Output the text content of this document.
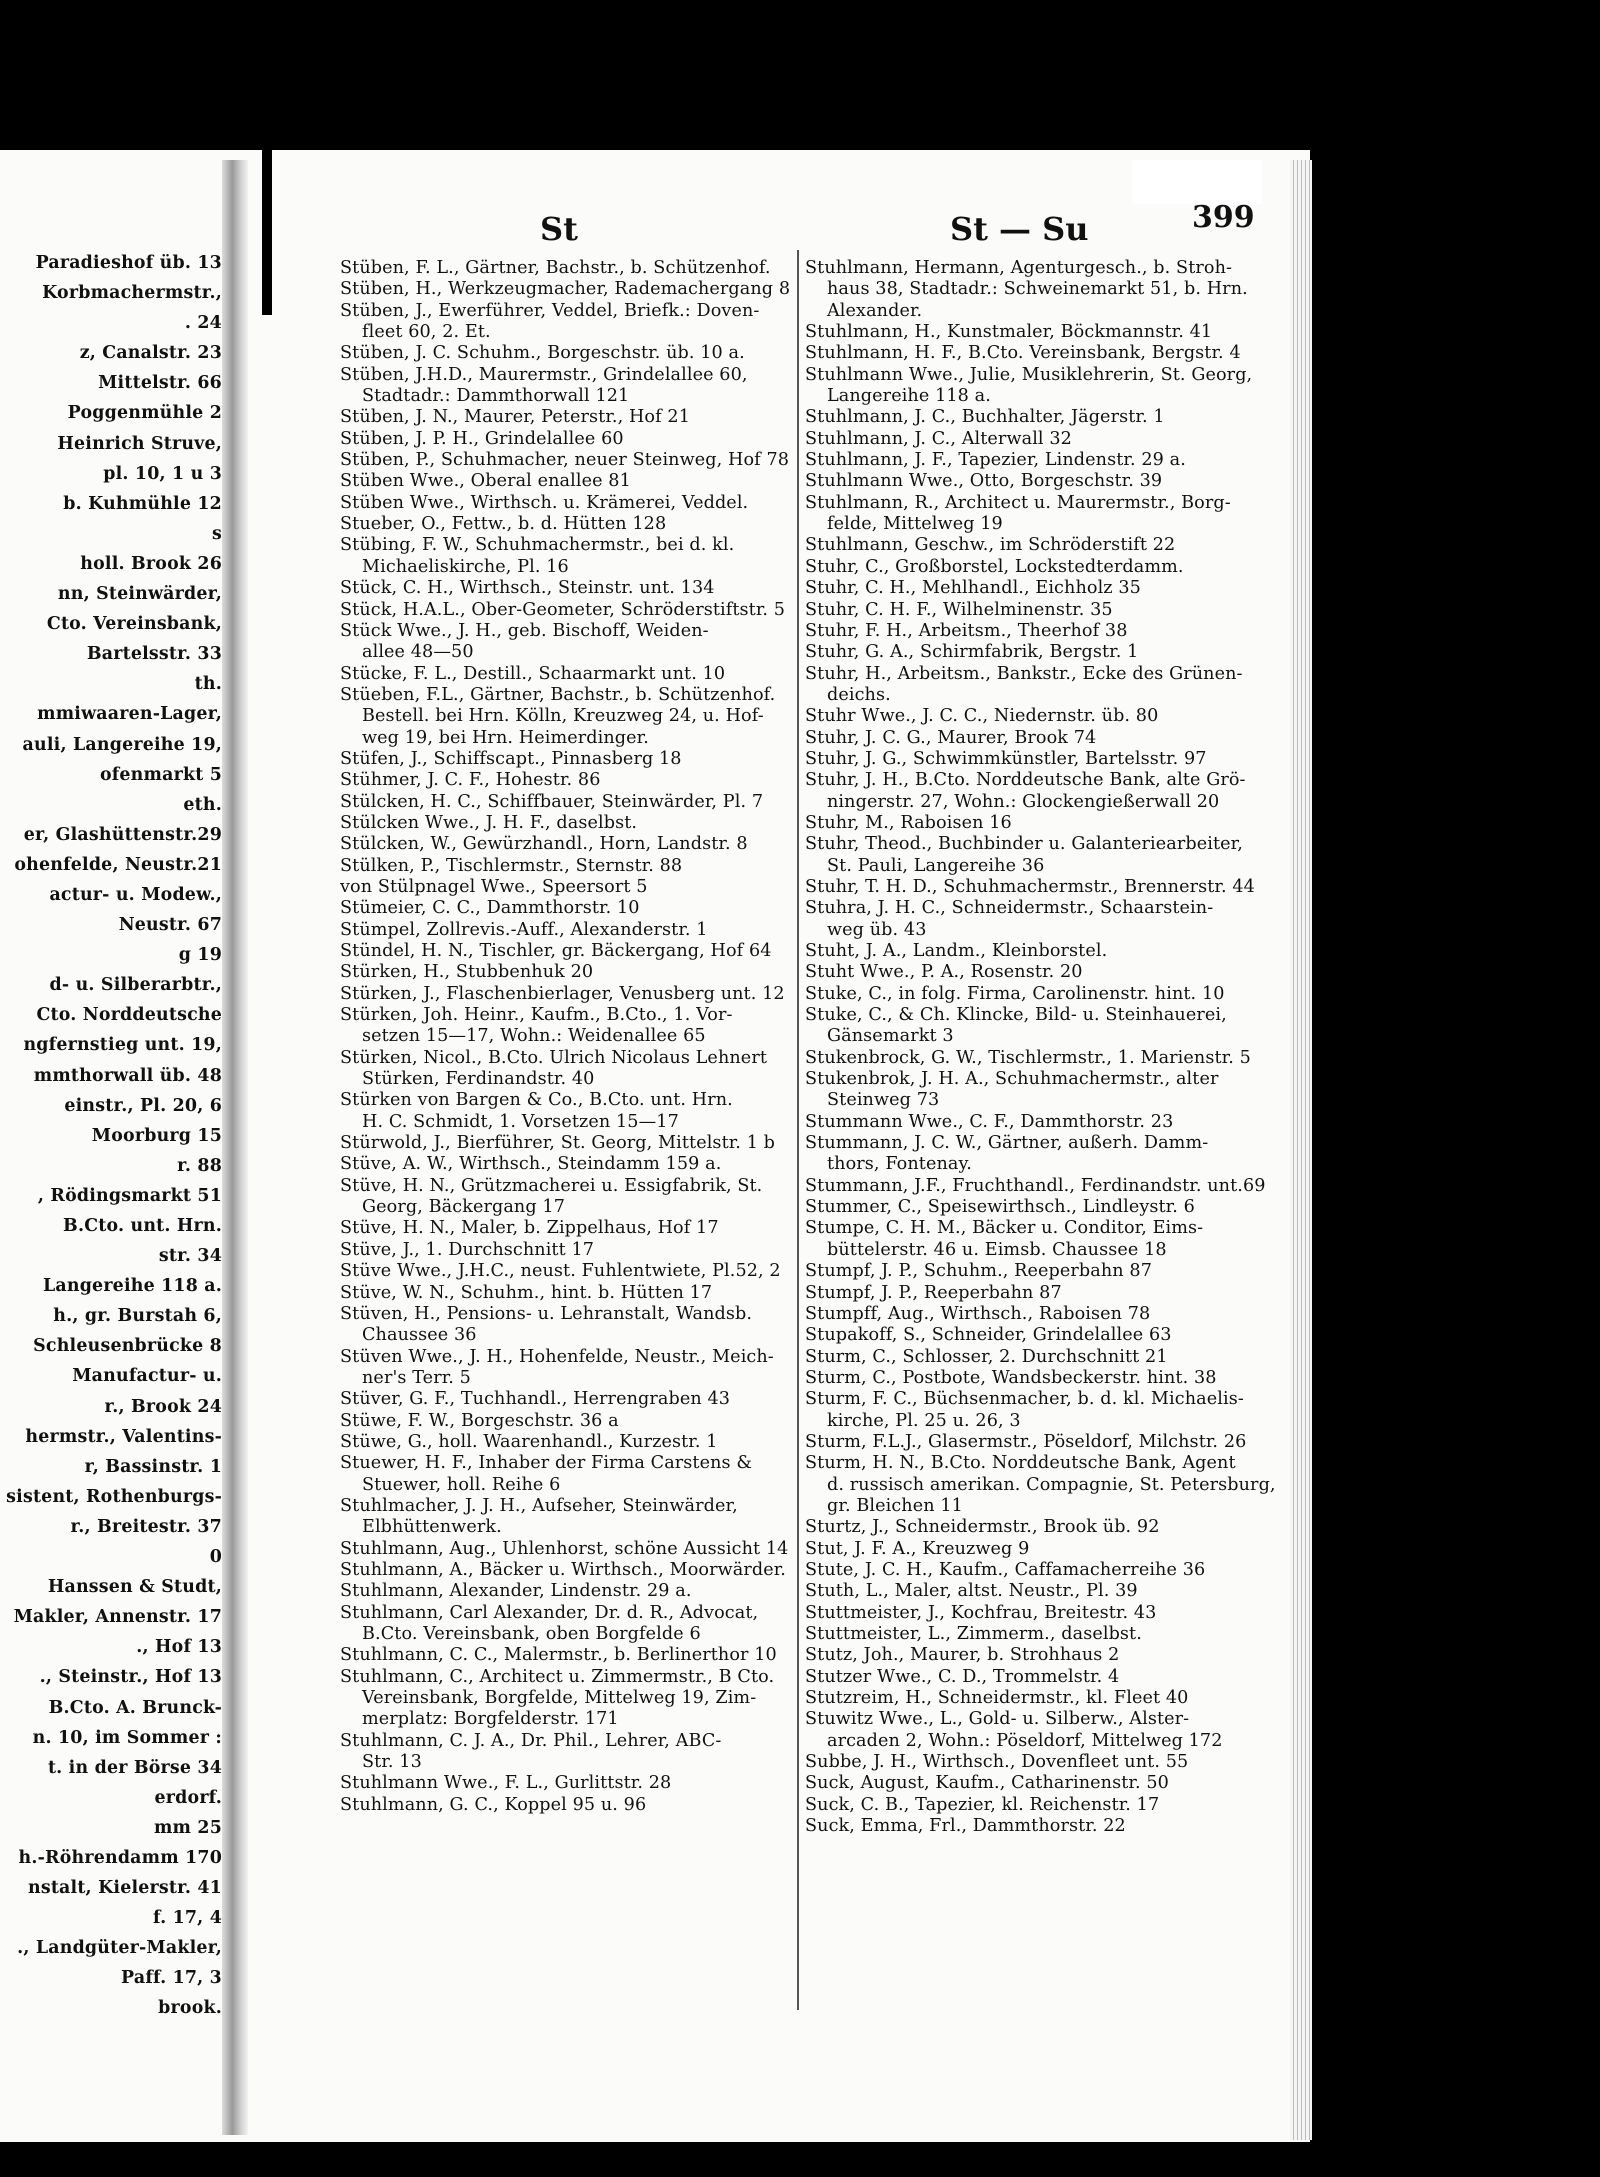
Paradieshof üb. 13
Korbmachermstr.,
. 24
z, Canalstr. 23
Mittelstr. 66
Poggenmühle 2
Heinrich Struve,
pl. 10, 1 u 3
b. Kuhmühle 12
s
holl. Brook 26
nn, Steinwärder,
Cto. Vereinsbank,
Bartelsstr. 33
th.
mmiwaaren-Lager,
auli, Langereihe 19,
ofenmarkt 5
eth.
er, Glashüttenstr.29
ohenfelde, Neustr.21
actur- u. Modew.,
Neustr. 67
g 19
d- u. Silberarbtr.,
Cto. Norddeutsche
ngfernstieg unt. 19,
mmthorwall üb. 48
einstr., Pl. 20, 6
Moorburg 15
r. 88
, Rödingsmarkt 51
B.Cto. unt. Hrn.
str. 34
Langereihe 118 a.
h., gr. Burstah 6,
Schleusenbrücke 8
Manufactur- u.
r., Brook 24
hermstr., Valentins-
r, Bassinstr. 1
sistent, Rothenburgs-
r., Breitestr. 37
0
Hanssen & Studt,
Makler, Annenstr. 17
., Hof 13
., Steinstr., Hof 13
B.Cto. A. Brunck-
n. 10, im Sommer :
t. in der Börse 34
erdorf.
mm 25
h.-Röhrendamm 170
nstalt, Kielerstr. 41
f. 17, 4
., Landgüter-Makler,
Paff. 17, 3
brook.
St	St — Su	399
Stüben, F. L., Gärtner, Bachstr., b. Schützenhof.
Stüben, H., Werkzeugmacher, Rademachergang 8
Stüben, J., Ewerführer, Veddel, Briefk.: Doven-
fleet 60, 2. Et.
Stüben, J. C. Schuhm., Borgeschstr. üb. 10 a.
Stüben, J.H.D., Maurermstr., Grindelallee 60,
Stadtadr.: Dammthorwall 121
Stüben, J. N., Maurer, Peterstr., Hof 21
Stüben, J. P. H., Grindelallee 60
Stüben, P., Schuhmacher, neuer Steinweg, Hof 78
Stüben Wwe., Oberal enallee 81
Stüben Wwe., Wirthsch. u. Krämerei, Veddel.
Stueber, O., Fettw., b. d. Hütten 128
Stübing, F. W., Schuhmachermstr., bei d. kl.
Michaeliskirche, Pl. 16
Stück, C. H., Wirthsch., Steinstr. unt. 134
Stück, H.A.L., Ober-Geometer, Schröderstiftstr. 5
Stück Wwe., J. H., geb. Bischoff, Weiden-
allee 48—50
Stücke, F. L., Destill., Schaarmarkt unt. 10
Stüeben, F.L., Gärtner, Bachstr., b. Schützenhof.
Bestell. bei Hrn. Kölln, Kreuzweg 24, u. Hof-
weg 19, bei Hrn. Heimerdinger.
Stüfen, J., Schiffscapt., Pinnasberg 18
Stühmer, J. C. F., Hohestr. 86
Stülcken, H. C., Schiffbauer, Steinwärder, Pl. 7
Stülcken Wwe., J. H. F., daselbst.
Stülcken, W., Gewürzhandl., Horn, Landstr. 8
Stülken, P., Tischlermstr., Sternstr. 88
von Stülpnagel Wwe., Speersort 5
Stümeier, C. C., Dammthorstr. 10
Stümpel, Zollrevis.-Auff., Alexanderstr. 1
Stündel, H. N., Tischler, gr. Bäckergang, Hof 64
Stürken, H., Stubbenhuk 20
Stürken, J., Flaschenbierlager, Venusberg unt. 12
Stürken, Joh. Heinr., Kaufm., B.Cto., 1. Vor-
setzen 15—17, Wohn.: Weidenallee 65
Stürken, Nicol., B.Cto. Ulrich Nicolaus Lehnert
Stürken, Ferdinandstr. 40
Stürken von Bargen & Co., B.Cto. unt. Hrn.
H. C. Schmidt, 1. Vorsetzen 15—17
Stürwold, J., Bierführer, St. Georg, Mittelstr. 1 b
Stüve, A. W., Wirthsch., Steindamm 159 a.
Stüve, H. N., Grützmacherei u. Essigfabrik, St.
Georg, Bäckergang 17
Stüve, H. N., Maler, b. Zippelhaus, Hof 17
Stüve, J., 1. Durchschnitt 17
Stüve Wwe., J.H.C., neust. Fuhlentwiete, Pl.52, 2
Stüve, W. N., Schuhm., hint. b. Hütten 17
Stüven, H., Pensions- u. Lehranstalt, Wandsb.
Chaussee 36
Stüven Wwe., J. H., Hohenfelde, Neustr., Meich-
ner's Terr. 5
Stüver, G. F., Tuchhandl., Herrengraben 43
Stüwe, F. W., Borgeschstr. 36 a
Stüwe, G., holl. Waarenhandl., Kurzestr. 1
Stuewer, H. F., Inhaber der Firma Carstens &
Stuewer, holl. Reihe 6
Stuhlmacher, J. J. H., Aufseher, Steinwärder,
Elbhüttenwerk.
Stuhlmann, Aug., Uhlenhorst, schöne Aussicht 14
Stuhlmann, A., Bäcker u. Wirthsch., Moorwärder.
Stuhlmann, Alexander, Lindenstr. 29 a.
Stuhlmann, Carl Alexander, Dr. d. R., Advocat,
B.Cto. Vereinsbank, oben Borgfelde 6
Stuhlmann, C. C., Malermstr., b. Berlinerthor 10
Stuhlmann, C., Architect u. Zimmermstr., B Cto.
Vereinsbank, Borgfelde, Mittelweg 19, Zim-
merplatz: Borgfelderstr. 171
Stuhlmann, C. J. A., Dr. Phil., Lehrer, ABC-
Str. 13
Stuhlmann Wwe., F. L., Gurlittstr. 28
Stuhlmann, G. C., Koppel 95 u. 96
Stuhlmann, Hermann, Agenturgesch., b. Stroh-
haus 38, Stadtadr.: Schweinemarkt 51, b. Hrn.
Alexander.
Stuhlmann, H., Kunstmaler, Böckmannstr. 41
Stuhlmann, H. F., B.Cto. Vereinsbank, Bergstr. 4
Stuhlmann Wwe., Julie, Musiklehrerin, St. Georg,
Langereihe 118 a.
Stuhlmann, J. C., Buchhalter, Jägerstr. 1
Stuhlmann, J. C., Alterwall 32
Stuhlmann, J. F., Tapezier, Lindenstr. 29 a.
Stuhlmann Wwe., Otto, Borgeschstr. 39
Stuhlmann, R., Architect u. Maurermstr., Borg-
felde, Mittelweg 19
Stuhlmann, Geschw., im Schröderstift 22
Stuhr, C., Großborstel, Lockstedterdamm.
Stuhr, C. H., Mehlhandl., Eichholz 35
Stuhr, C. H. F., Wilhelminenstr. 35
Stuhr, F. H., Arbeitsm., Theerhof 38
Stuhr, G. A., Schirmfabrik, Bergstr. 1
Stuhr, H., Arbeitsm., Bankstr., Ecke des Grünen-
deichs.
Stuhr Wwe., J. C. C., Niedernstr. üb. 80
Stuhr, J. C. G., Maurer, Brook 74
Stuhr, J. G., Schwimmkünstler, Bartelsstr. 97
Stuhr, J. H., B.Cto. Norddeutsche Bank, alte Grö-
ningerstr. 27, Wohn.: Glockengießerwall 20
Stuhr, M., Raboisen 16
Stuhr, Theod., Buchbinder u. Galanteriearbeiter,
St. Pauli, Langereihe 36
Stuhr, T. H. D., Schuhmachermstr., Brennerstr. 44
Stuhra, J. H. C., Schneidermstr., Schaarstein-
weg üb. 43
Stuht, J. A., Landm., Kleinborstel.
Stuht Wwe., P. A., Rosenstr. 20
Stuke, C., in folg. Firma, Carolinenstr. hint. 10
Stuke, C., & Ch. Klincke, Bild- u. Steinhauerei,
Gänsemarkt 3
Stukenbrock, G. W., Tischlermstr., 1. Marienstr. 5
Stukenbrok, J. H. A., Schuhmachermstr., alter
Steinweg 73
Stummann Wwe., C. F., Dammthorstr. 23
Stummann, J. C. W., Gärtner, außerh. Damm-
thors, Fontenay.
Stummann, J.F., Fruchthandl., Ferdinandstr. unt.69
Stummer, C., Speisewirthsch., Lindleystr. 6
Stumpe, C. H. M., Bäcker u. Conditor, Eims-
büttelerstr. 46 u. Eimsb. Chaussee 18
Stumpf, J. P., Schuhm., Reeperbahn 87
Stumpf, J. P., Reeperbahn 87
Stumpff, Aug., Wirthsch., Raboisen 78
Stupakoff, S., Schneider, Grindelallee 63
Sturm, C., Schlosser, 2. Durchschnitt 21
Sturm, C., Postbote, Wandsbeckerstr. hint. 38
Sturm, F. C., Büchsenmacher, b. d. kl. Michaelis-
kirche, Pl. 25 u. 26, 3
Sturm, F.L.J., Glasermstr., Pöseldorf, Milchstr. 26
Sturm, H. N., B.Cto. Norddeutsche Bank, Agent
d. russisch amerikan. Compagnie, St. Petersburg,
gr. Bleichen 11
Sturtz, J., Schneidermstr., Brook üb. 92
Stut, J. F. A., Kreuzweg 9
Stute, J. C. H., Kaufm., Caffamacherreihe 36
Stuth, L., Maler, altst. Neustr., Pl. 39
Stuttmeister, J., Kochfrau, Breitestr. 43
Stuttmeister, L., Zimmerm., daselbst.
Stutz, Joh., Maurer, b. Strohhaus 2
Stutzer Wwe., C. D., Trommelstr. 4
Stutzreim, H., Schneidermstr., kl. Fleet 40
Stuwitz Wwe., L., Gold- u. Silberw., Alster-
arcaden 2, Wohn.: Pöseldorf, Mittelweg 172
Subbe, J. H., Wirthsch., Dovenfleet unt. 55
Suck, August, Kaufm., Catharinenstr. 50
Suck, C. B., Tapezier, kl. Reichenstr. 17
Suck, Emma, Frl., Dammthorstr. 22
